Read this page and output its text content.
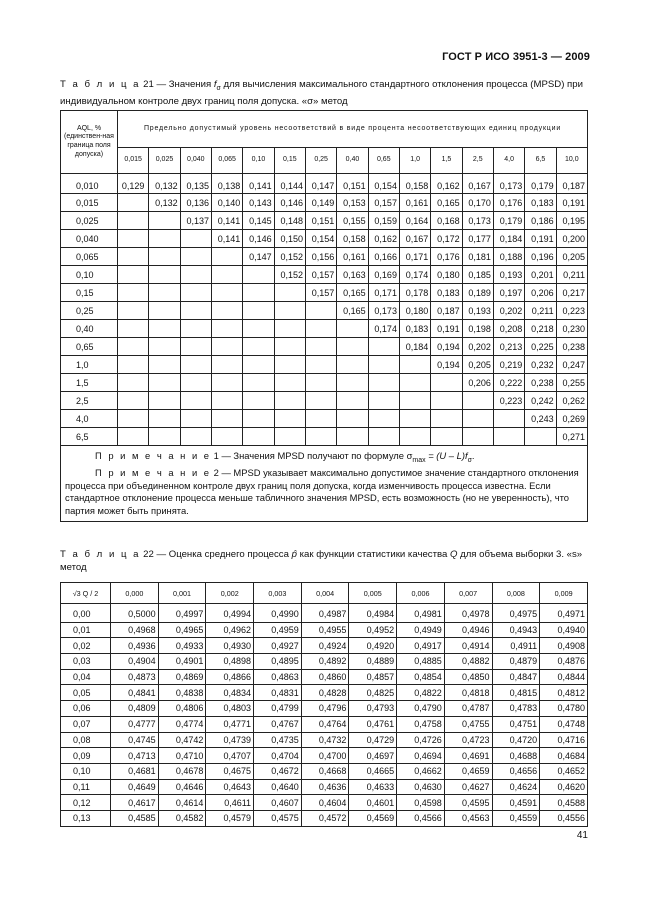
ГОСТ Р ИСО 3951-3 — 2009
Т а б л и ц а 21 — Значения $f_\sigma$ для вычисления максимального стандартного отклонения процесса (MPSD) при индивидуальном контроле двух границ поля допуска. «σ» метод
AQL, % (единствен-ная граница поля допуска)	Предельно допустимый уровень несоответствий в виде процента несоответствующих единиц продукции														
	0,015	0,025	0,040	0,065	0,10	0,15	0,25	0,40	0,65	1,0	1,5	2,5	4,0	6,5	10,0
0,010	0,129	0,132	0,135	0,138	0,141	0,144	0,147	0,151	0,154	0,158	0,162	0,167	0,173	0,179	0,187
0,015		0,132	0,136	0,140	0,143	0,146	0,149	0,153	0,157	0,161	0,165	0,170	0,176	0,183	0,191
0,025			0,137	0,141	0,145	0,148	0,151	0,155	0,159	0,164	0,168	0,173	0,179	0,186	0,195
0,040				0,141	0,146	0,150	0,154	0,158	0,162	0,167	0,172	0,177	0,184	0,191	0,200
0,065					0,147	0,152	0,156	0,161	0,166	0,171	0,176	0,181	0,188	0,196	0,205
0,10						0,152	0,157	0,163	0,169	0,174	0,180	0,185	0,193	0,201	0,211
0,15							0,157	0,165	0,171	0,178	0,183	0,189	0,197	0,206	0,217
0,25								0,165	0,173	0,180	0,187	0,193	0,202	0,211	0,223
0,40									0,174	0,183	0,191	0,198	0,208	0,218	0,230
0,65										0,184	0,194	0,202	0,213	0,225	0,238
1,0											0,194	0,205	0,219	0,232	0,247
1,5												0,206	0,222	0,238	0,255
2,5													0,223	0,242	0,262
4,0														0,243	0,269
6,5															0,271

П р и м е ч а н и е 1 — Значения MPSD получают по формуле $\sigma_{max} = (U - L)f_\sigma$.
П р и м е ч а н и е 2 — MPSD указывает максимально допустимое значение стандартного отклонения процесса при объединенном контроле двух границ поля допуска, когда изменчивость процесса известна. Если стандартное отклонение процесса меньше табличного значения MPSD, есть возможность (но не уверенность), что партия может быть принята.															
Т а б л и ц а 22 — Оценка среднего процесса p̂ как функции статистики качества Q для объема выборки 3. «s» метод
√3 Q / 2	0,000	0,001	0,002	0,003	0,004	0,005	0,006	0,007	0,008	0,009
0,00	0,5000	0,4997	0,4994	0,4990	0,4987	0,4984	0,4981	0,4978	0,4975	0,4971
0,01	0,4968	0,4965	0,4962	0,4959	0,4955	0,4952	0,4949	0,4946	0,4943	0,4940
0,02	0,4936	0,4933	0,4930	0,4927	0,4924	0,4920	0,4917	0,4914	0,4911	0,4908
0,03	0,4904	0,4901	0,4898	0,4895	0,4892	0,4889	0,4885	0,4882	0,4879	0,4876
0,04	0,4873	0,4869	0,4866	0,4863	0,4860	0,4857	0,4854	0,4850	0,4847	0,4844
0,05	0,4841	0,4838	0,4834	0,4831	0,4828	0,4825	0,4822	0,4818	0,4815	0,4812
0,06	0,4809	0,4806	0,4803	0,4799	0,4796	0,4793	0,4790	0,4787	0,4783	0,4780
0,07	0,4777	0,4774	0,4771	0,4767	0,4764	0,4761	0,4758	0,4755	0,4751	0,4748
0,08	0,4745	0,4742	0,4739	0,4735	0,4732	0,4729	0,4726	0,4723	0,4720	0,4716
0,09	0,4713	0,4710	0,4707	0,4704	0,4700	0,4697	0,4694	0,4691	0,4688	0,4684
0,10	0,4681	0,4678	0,4675	0,4672	0,4668	0,4665	0,4662	0,4659	0,4656	0,4652
0,11	0,4649	0,4646	0,4643	0,4640	0,4636	0,4633	0,4630	0,4627	0,4624	0,4620
0,12	0,4617	0,4614	0,4611	0,4607	0,4604	0,4601	0,4598	0,4595	0,4591	0,4588
0,13	0,4585	0,4582	0,4579	0,4575	0,4572	0,4569	0,4566	0,4563	0,4559	0,4556
41
